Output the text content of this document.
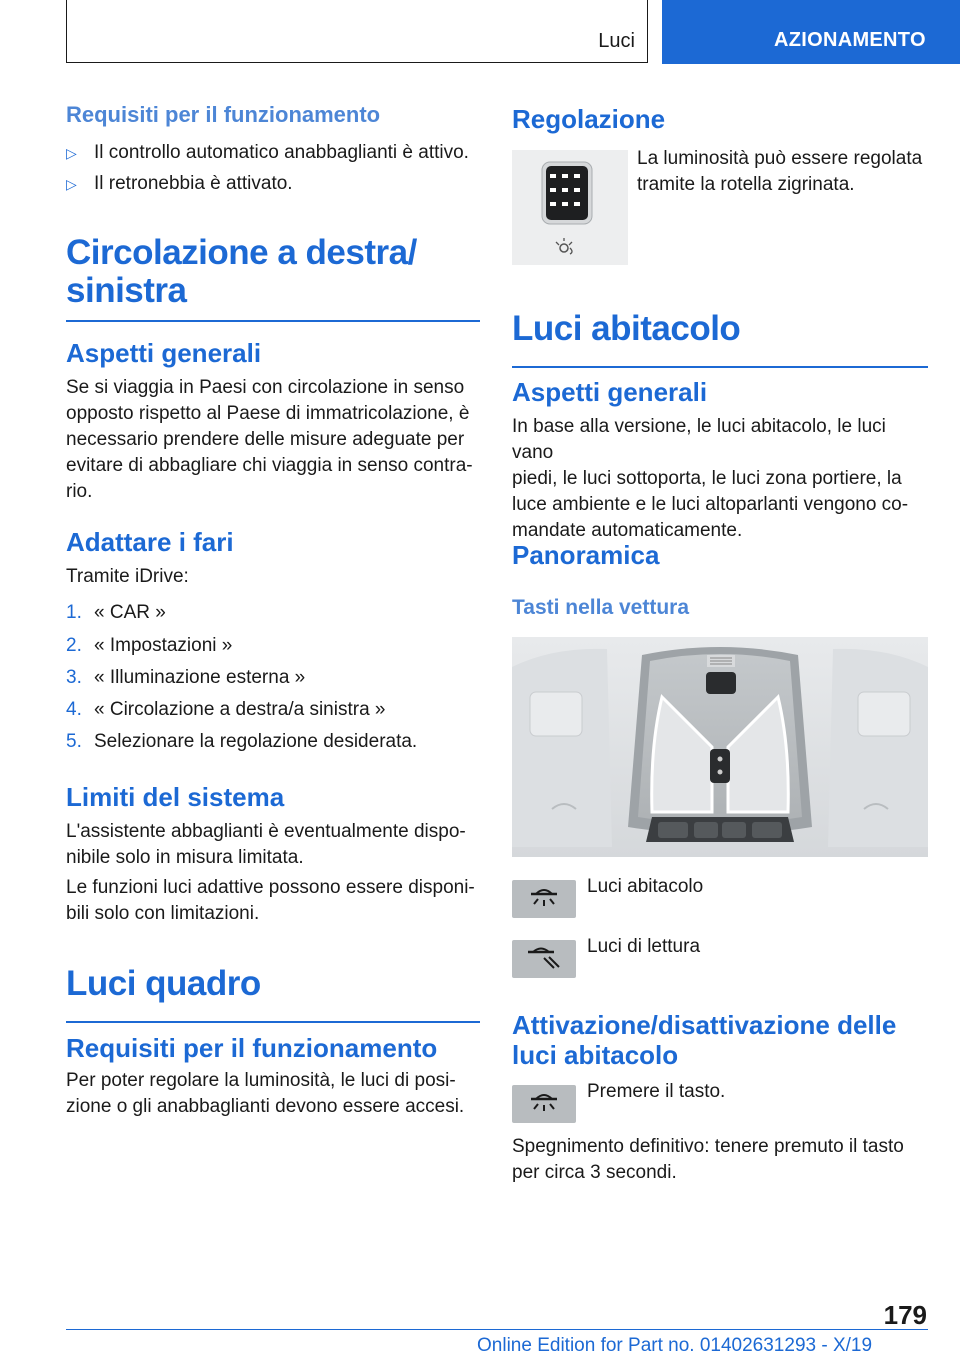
Luci	AZIONAMENTO
Requisiti per il funzionamento
▷ Il controllo automatico anabbaglianti è attivo.
▷ Il retronebbia è attivato.
Circolazione a destra/
sinistra
Aspetti generali

Se si viaggia in Paesi con circolazione in senso
opposto rispetto al Paese di immatricolazione, è
necessario prendere delle misure adeguate per
evitare di abbagliare chi viaggia in senso contra-
rio.

Adattare i fari

Tramite iDrive:

1. « CAR »
2. « Impostazioni »
3. « Illuminazione esterna »
4. « Circolazione a destra/a sinistra »
5. Selezionare la regolazione desiderata.
Limiti del sistema

L'assistente abbaglianti è eventualmente dispo-
nibile solo in misura limitata.

Le funzioni luci adattive possono essere disponi-
bili solo con limitazioni.

Luci quadro
Requisiti per il funzionamento

Per poter regolare la luminosità, le luci di posi-
zione o gli anabbaglianti devono essere accesi.

Regolazione

La luminosità può essere regolata
tramite la rotella zigrinata.

Luci abitacolo
Aspetti generali

In base alla versione, le luci abitacolo, le luci vano
piedi, le luci sottoporta, le luci zona portiere, la
luce ambiente e le luci altoparlanti vengono co-
mandate automaticamente.

Panoramica
Tasti nella vettura

Luci abitacolo

Luci di lettura

Attivazione/disattivazione delle
luci abitacolo

Premere il tasto.

Spegnimento definitivo: tenere premuto il tasto
per circa 3 secondi.

179
Online Edition for Part no. 01402631293 - X/19
